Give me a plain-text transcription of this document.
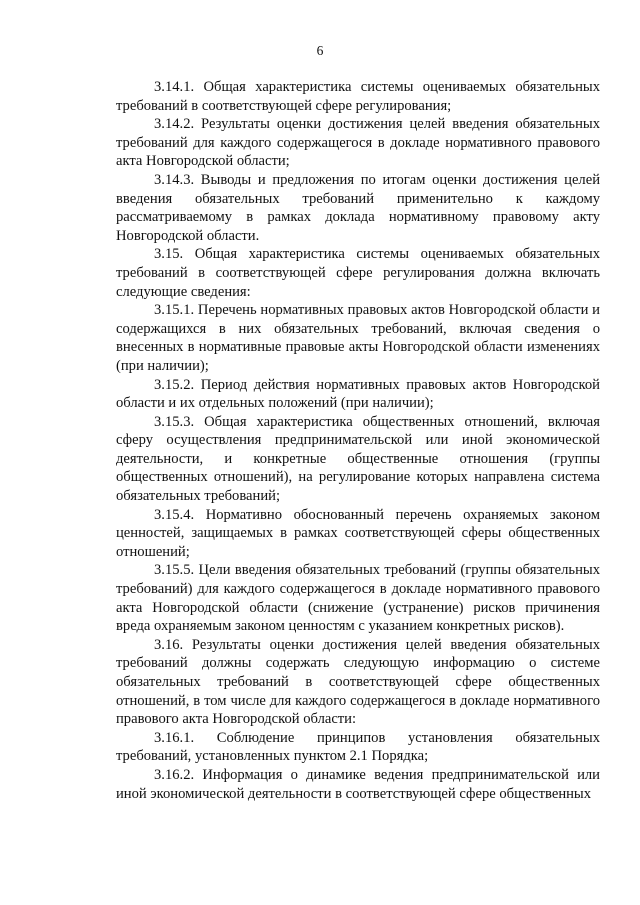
6

3.14.1. Общая характеристика системы оцениваемых обязательных требований в соответствующей сфере регулирования;

3.14.2. Результаты оценки достижения целей введения обязательных требований для каждого содержащегося в докладе нормативного правового акта Новгородской области;

3.14.3. Выводы и предложения по итогам оценки достижения целей введения обязательных требований применительно к каждому рассматриваемому в рамках доклада нормативному правовому акту Новгородской области.

3.15. Общая характеристика системы оцениваемых обязательных требований в соответствующей сфере регулирования должна включать следующие сведения:

3.15.1. Перечень нормативных правовых актов Новгородской области и содержащихся в них обязательных требований, включая сведения о внесенных в нормативные правовые акты Новгородской области изменениях (при наличии);

3.15.2. Период действия нормативных правовых актов Новгородской области и их отдельных положений (при наличии);

3.15.3. Общая характеристика общественных отношений, включая сферу осуществления предпринимательской или иной экономической деятельности, и конкретные общественные отношения (группы общественных отношений), на регулирование которых направлена система обязательных требований;

3.15.4. Нормативно обоснованный перечень охраняемых законом ценностей, защищаемых в рамках соответствующей сферы общественных отношений;

3.15.5. Цели введения обязательных требований (группы обязательных требований) для каждого содержащегося в докладе нормативного правового акта Новгородской области (снижение (устранение) рисков причинения вреда охраняемым законом ценностям с указанием конкретных рисков).

3.16. Результаты оценки достижения целей введения обязательных требований должны содержать следующую информацию о системе обязательных требований в соответствующей сфере общественных отношений, в том числе для каждого содержащегося в докладе нормативного правового акта Новгородской области:

3.16.1. Соблюдение принципов установления обязательных требований, установленных пунктом 2.1 Порядка;

3.16.2. Информация о динамике ведения предпринимательской или иной экономической деятельности в соответствующей сфере общественных
